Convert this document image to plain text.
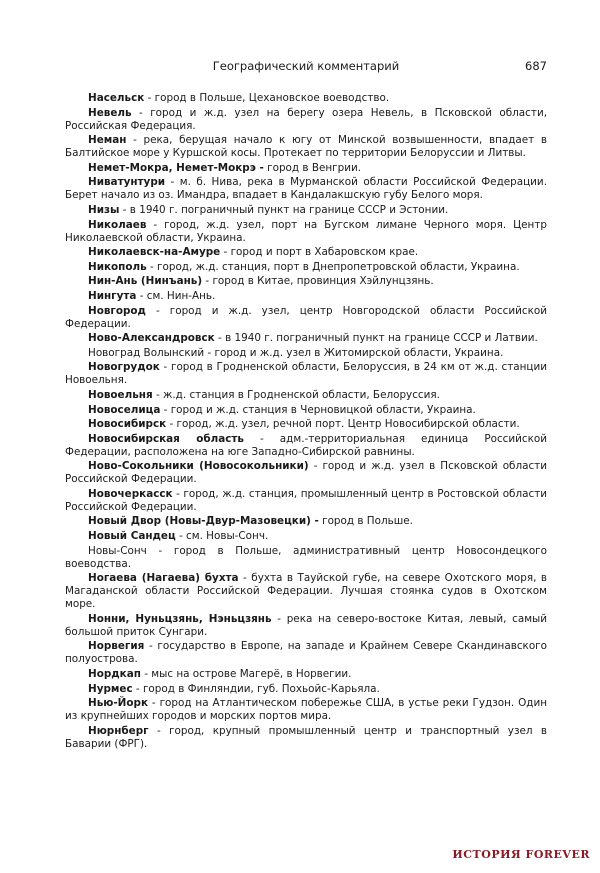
Географический комментарий	687

Насельск - город в Польше, Цехановское воеводство.

Невель - город и ж.д. узел на берегу озера Невель, в Псковской области, Российская Федерация.

Неман - река, берущая начало к югу от Минской возвышенности, впадает в Балтийское море у Куршской косы. Протекает по территории Белоруссии и Литвы.

Немет-Мокра, Немет-Мокрэ - город в Венгрии.

Ниватунтури - м. б. Нива, река в Мурманской области Российской Федерации. Берет начало из оз. Имандра, впадает в Кандалакшскую губу Белого моря.

Низы - в 1940 г. пограничный пункт на границе СССР и Эстонии.

Николаев - город, ж.д. узел, порт на Бугском лимане Черного моря. Центр Николаевской области, Украина.

Николаевск-на-Амуре - город и порт в Хабаровском крае.

Никополь - город, ж.д. станция, порт в Днепропетровской области, Украина.

Нин-Ань (Нинъань) - город в Китае, провинция Хэйлунцзянь.

Нингута - см. Нин-Ань.

Новгород - город и ж.д. узел, центр Новгородской области Российской Федерации.

Ново-Александровск - в 1940 г. пограничный пункт на границе СССР и Латвии.

Новоград Волынский - город и ж.д. узел в Житомирской области, Украина.

Новогрудок - город в Гродненской области, Белоруссия, в 24 км от ж.д. станции Новоельня.

Новоельня - ж.д. станция в Гродненской области, Белоруссия.

Новоселица - город и ж.д. станция в Черновицкой области, Украина.

Новосибирск - город, ж.д. узел, речной порт. Центр Новосибирской области.

Новосибирская область - адм.-территориальная единица Российской Федерации, расположена на юге Западно-Сибирской равнины.

Ново-Сокольники (Новосокольники) - город и ж.д. узел в Псковской области Российской Федерации.

Новочеркасск - город, ж.д. станция, промышленный центр в Ростовской области Российской Федерации.

Новый Двор (Новы-Двур-Мазовецки) - город в Польше.

Новый Сандец - см. Новы-Сонч.

Новы-Сонч - город в Польше, административный центр Новосондецкого воеводства.

Ногаева (Нагаева) бухта - бухта в Тауйской губе, на севере Охотского моря, в Магаданской области Российской Федерации. Лучшая стоянка судов в Охотском море.

Нонни, Нуньцзянь, Нэньцзянь - река на северо-востоке Китая, левый, самый большой приток Сунгари.

Норвегия - государство в Европе, на западе и Крайнем Севере Скандинавского полуострова.

Нордкап - мыс на острове Магерё, в Норвегии.

Нурмес - город в Финляндии, губ. Похьойс-Карьяла.

Нью-Йорк - город на Атлантическом побережье США, в устье реки Гудзон. Один из крупнейших городов и морских портов мира.

Нюрнберг - город, крупный промышленный центр и транспортный узел в Баварии (ФРГ).

ИСТОРИЯ FOREVER
